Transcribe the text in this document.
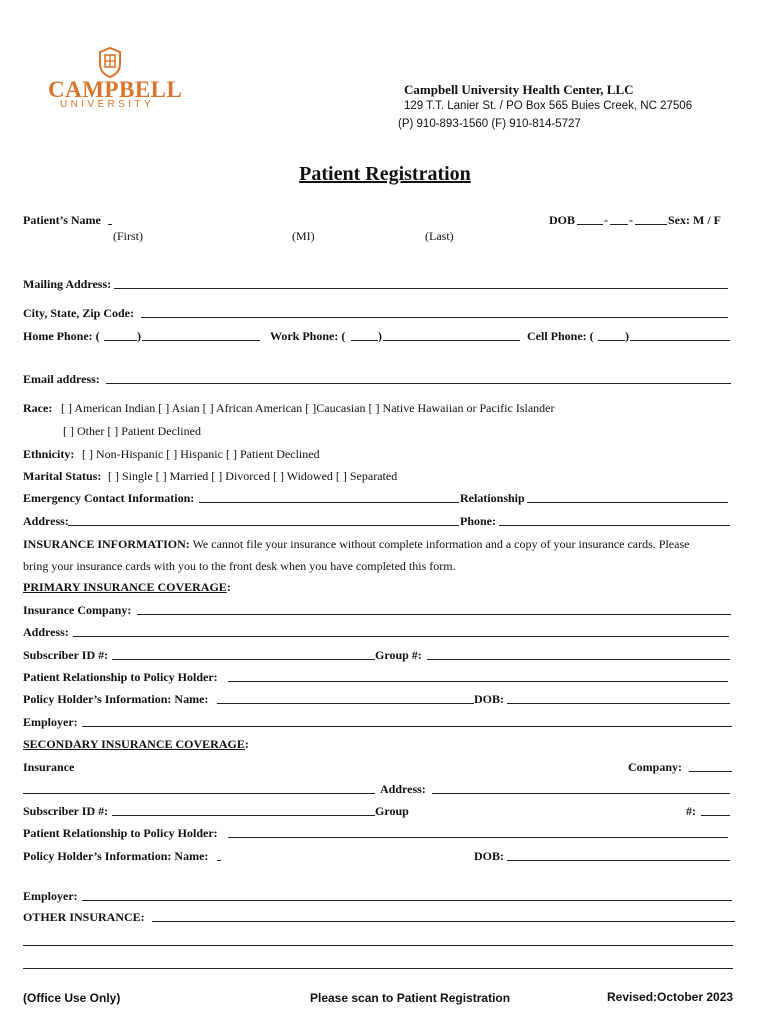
CAMPBELL
UNIVERSITY
Campbell University Health Center, LLC
129 T.T. Lanier St. / PO Box 565 Buies Creek, NC 27506
(P) 910-893-1560 (F) 910-814-5727
Patient Registration
Patient’s Name
(First)	(MI)	(Last)
DOB - -	Sex: M / F
Mailing Address:
City, State, Zip Code:
Home Phone: (	)	Work Phone: (	)	Cell Phone: (	)
Email address:
Race: [ ] American Indian [ ] Asian [ ] African American [ ]Caucasian [ ] Native Hawaiian or Pacific Islander
[ ] Other [ ] Patient Declined
Ethnicity: [ ] Non-Hispanic [ ] Hispanic [ ] Patient Declined
Marital Status: [ ] Single [ ] Married [ ] Divorced [ ] Widowed [ ] Separated
Emergency Contact Information:	Relationship
Address:	Phone:
INSURANCE INFORMATION: We cannot file your insurance without complete information and a copy of your insurance cards. Please
bring your insurance cards with you to the front desk when you have completed this form.
PRIMARY INSURANCE COVERAGE:
Insurance Company:
Address:
Subscriber ID #:	Group #:
Patient Relationship to Policy Holder:
Policy Holder’s Information: Name:	DOB:
Employer:
SECONDARY INSURANCE COVERAGE:
Insurance	Company:
Address:
Subscriber ID #:	Group	#:
Patient Relationship to Policy Holder:
Policy Holder’s Information: Name:	DOB:
Employer:
OTHER INSURANCE:
(Office Use Only)	Please scan to Patient Registration	Revised:October 2023
